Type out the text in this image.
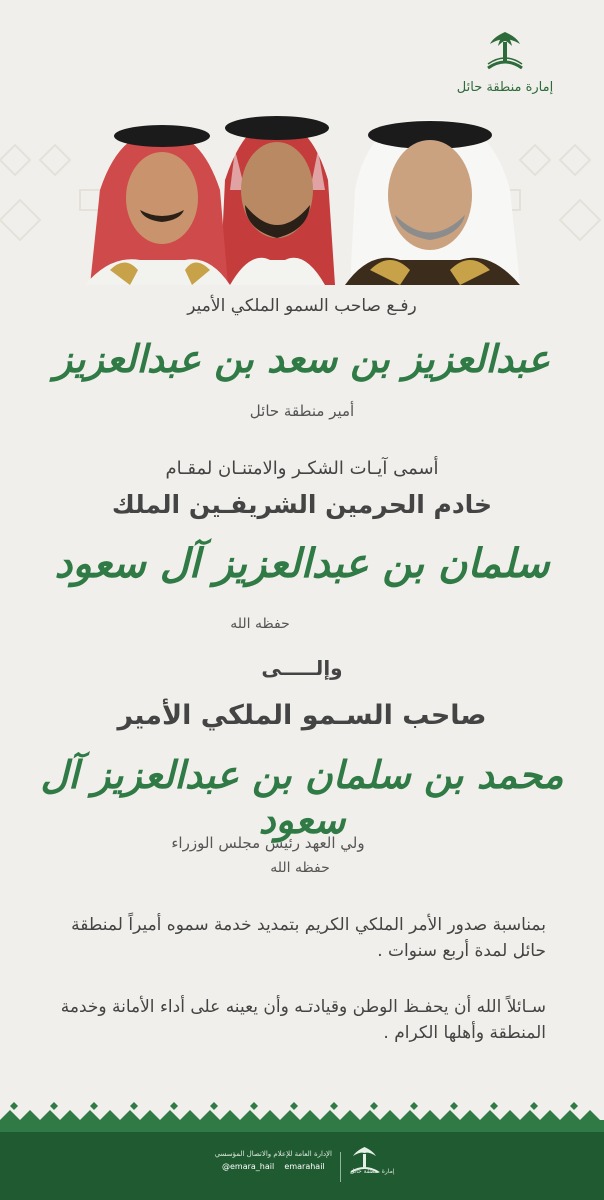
إمارة منطقة حائل
رفـع صاحب السمو الملكي الأمير
عبدالعزيز بن سعد بن عبدالعزيز
أمير منطقة حائل
أسمى آيـات الشكـر والامتنـان لمقـام
خادم الحرمين الشريفـين الملك
سلمان بن عبدالعزيز آل سعود
حفظه الله
وإلـــــى
صاحب السـمو الملكي الأمير
محمد بن سلمان بن عبدالعزيز آل سعود
ولي العهد رئيس مجلس الوزراء
حفظه الله
بمناسبة صدور الأمر الملكي الكريم بتمديد خدمة سموه أميراً لمنطقة حائل لمدة أربع سنوات .
سـائلاً الله أن يحفـظ الوطن وقيادتـه وأن يعينه على أداء الأمانة وخدمة المنطقة وأهلها الكرام .
الإدارة العامة للإعلام والاتصال المؤسسي
@emara_hail emarahail
إمارة منطقة حائل
